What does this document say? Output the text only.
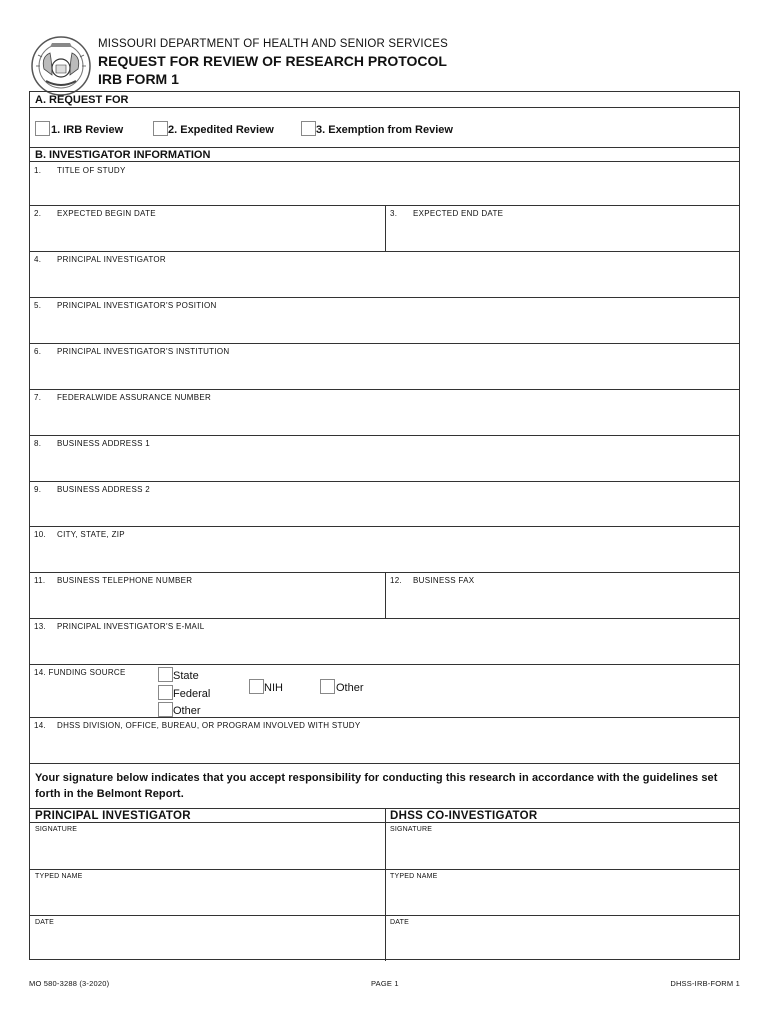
MISSOURI DEPARTMENT OF HEALTH AND SENIOR SERVICES
REQUEST FOR REVIEW OF RESEARCH PROTOCOL
IRB FORM 1
A. REQUEST FOR
1. IRB Review	2. Expedited Review	3. Exemption from Review
B. INVESTIGATOR INFORMATION
1. TITLE OF STUDY
2. EXPECTED BEGIN DATE	3. EXPECTED END DATE
4. PRINCIPAL INVESTIGATOR
5. PRINCIPAL INVESTIGATOR'S POSITION
6. PRINCIPAL INVESTIGATOR'S INSTITUTION
7. FEDERALWIDE ASSURANCE NUMBER
8. BUSINESS ADDRESS 1
9. BUSINESS ADDRESS 2
10. CITY, STATE, ZIP
11. BUSINESS TELEPHONE NUMBER	12. BUSINESS FAX
13. PRINCIPAL INVESTIGATOR'S E-MAIL
14. FUNDING SOURCE	State
Federal
Other
NIH	Other
14. DHSS DIVISION, OFFICE, BUREAU, OR PROGRAM INVOLVED WITH STUDY
Your signature below indicates that you accept responsibility for conducting this research in accordance with the guidelines set forth in the Belmont Report.
PRINCIPAL INVESTIGATOR	DHSS CO-INVESTIGATOR
SIGNATURE	SIGNATURE
TYPED NAME	TYPED NAME
DATE	DATE
MO 580-3288 (3-2020)	PAGE 1	DHSS-IRB-FORM 1
